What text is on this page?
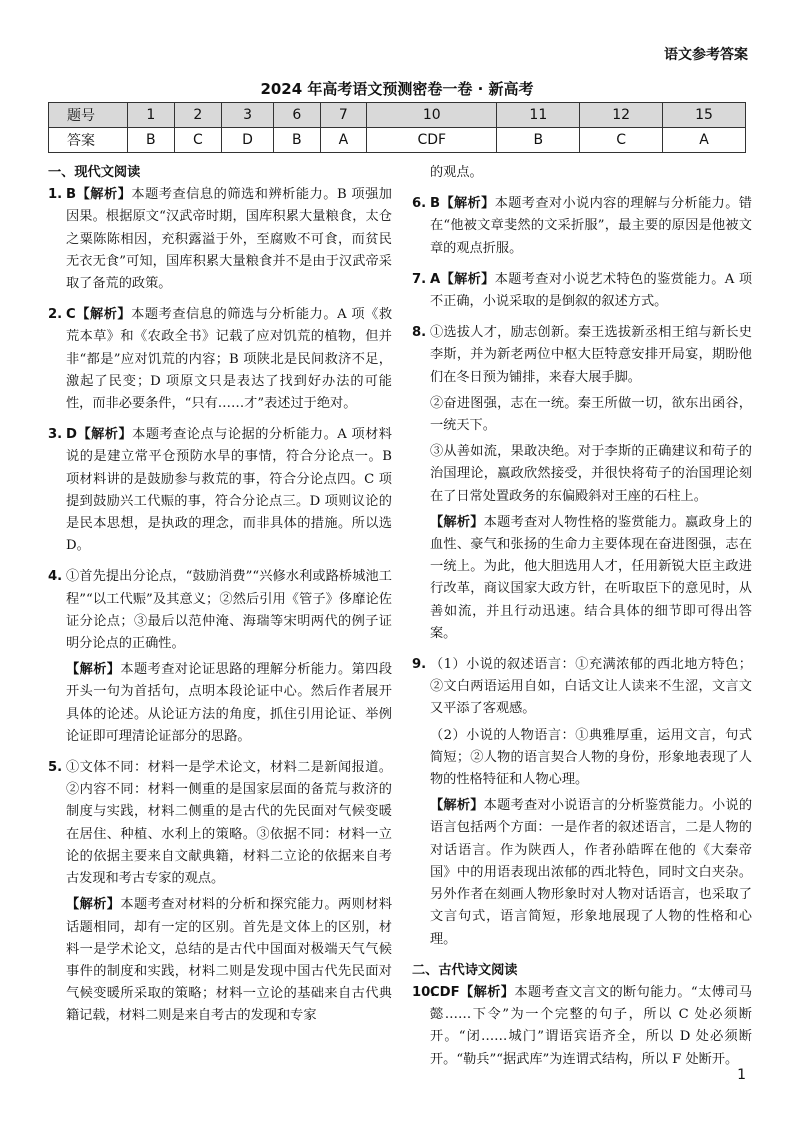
语文参考答案
2024 年高考语文预测密卷一卷 · 新高考
题号	1	2	3	6	7	10	11	12	15
答案	B	C	D	B	A	CDF	B	C	A

一、现代文阅读

1. B【解析】本题考查信息的筛选和辨析能力。B 项强加因果。根据原文“汉武帝时期，国库积累大量粮食，太仓之粟陈陈相因，充积露溢于外，至腐败不可食，而贫民无衣无食”可知，国库积累大量粮食并不是由于汉武帝采取了备荒的政策。

2. C【解析】本题考查信息的筛选与分析能力。A 项《救荒本草》和《农政全书》记载了应对饥荒的植物，但并非“都是”应对饥荒的内容；B 项陕北是民间救济不足，激起了民变；D 项原文只是表达了找到好办法的可能性，而非必要条件，“只有……才”表述过于绝对。

3. D【解析】本题考查论点与论据的分析能力。A 项材料说的是建立常平仓预防水旱的事情，符合分论点一。B 项材料讲的是鼓励参与救荒的事，符合分论点四。C 项提到鼓励兴工代赈的事，符合分论点三。D 项则议论的是民本思想，是执政的理念，而非具体的措施。所以选 D。

4. ①首先提出分论点，“鼓励消费”“兴修水利或路桥城池工程”“以工代赈”及其意义；②然后引用《管子》侈靡论佐证分论点；③最后以范仲淹、海瑞等宋明两代的例子证明分论点的正确性。

【解析】本题考查对论证思路的理解分析能力。第四段开头一句为首括句，点明本段论证中心。然后作者展开具体的论述。从论证方法的角度，抓住引用论证、举例论证即可理清论证部分的思路。

5. ①文体不同：材料一是学术论文，材料二是新闻报道。②内容不同：材料一侧重的是国家层面的备荒与救济的制度与实践，材料二侧重的是古代的先民面对气候变暖在居住、种植、水利上的策略。③依据不同：材料一立论的依据主要来自文献典籍，材料二立论的依据来自考古发现和考古专家的观点。

【解析】本题考查对材料的分析和探究能力。两则材料话题相同，却有一定的区别。首先是文体上的区别，材料一是学术论文，总结的是古代中国面对极端天气气候事件的制度和实践，材料二则是发现中国古代先民面对气候变暖所采取的策略；材料一立论的基础来自古代典籍记载，材料二则是来自考古的发现和专家

的观点。

6. B【解析】本题考查对小说内容的理解与分析能力。错在“他被文章斐然的文采折服”，最主要的原因是他被文章的观点折服。

7. A【解析】本题考查对小说艺术特色的鉴赏能力。A 项不正确，小说采取的是倒叙的叙述方式。

8. ①选拔人才，励志创新。秦王选拔新丞相王绾与新长史李斯，并为新老两位中枢大臣特意安排开局宴，期盼他们在冬日预为铺排，来春大展手脚。

②奋进图强，志在一统。秦王所做一切，欲东出函谷，一统天下。

③从善如流，果敢决绝。对于李斯的正确建议和荀子的治国理论，嬴政欣然接受，并很快将荀子的治国理论刻在了日常处置政务的东偏殿斜对王座的石柱上。

【解析】本题考查对人物性格的鉴赏能力。嬴政身上的血性、豪气和张扬的生命力主要体现在奋进图强，志在一统上。为此，他大胆选用人才，任用新锐大臣主政进行改革，商议国家大政方针，在听取臣下的意见时，从善如流，并且行动迅速。结合具体的细节即可得出答案。

9. （1）小说的叙述语言：①充满浓郁的西北地方特色；②文白两语运用自如，白话文让人读来不生涩，文言文又平添了客观感。

（2）小说的人物语言：①典雅厚重，运用文言，句式简短；②人物的语言契合人物的身份，形象地表现了人物的性格特征和人物心理。

【解析】本题考查对小说语言的分析鉴赏能力。小说的语言包括两个方面：一是作者的叙述语言，二是人物的对话语言。作为陕西人，作者孙皓晖在他的《大秦帝国》中的用语表现出浓郁的西北特色，同时文白夹杂。另外作者在刻画人物形象时对人物对话语言，也采取了文言句式，语言简短，形象地展现了人物的性格和心理。

二、古代诗文阅读

10.

CDF【解析】本题考查文言文的断句能力。“太傅司马懿……下令”为一个完整的句子，所以 C 处必须断开。“闭……城门”谓语宾语齐全，所以 D 处必须断开。“勒兵”“据武库”为连谓式结构，所以 F 处断开。

1
